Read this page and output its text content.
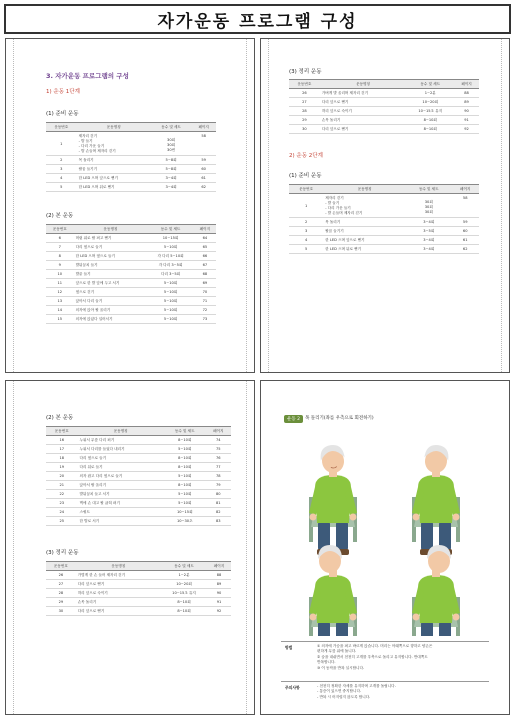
자가운동 프로그램 구성
3. 자가운동 프로그램의 구성
1) 운동 1단계
(1) 준비 운동
운동번호	운동명칭	동수 및 세트	페이지
1	제자리 걷기
- 발 들기
- 다리 가운 들기
- 발 손들며 제자리 걷기	30회
30회
30번	58
2	목 돌리기	5~8회	59
3	팔꿈 들기기	5~8회	60
4	한 LED 으며 앞으로 뻗기	3~4회	61
5	한 LED 으며 뒤로 뻗기	3~4회	62
(2) 본 운동
운동번호	운동명칭	동수 및 세트	페이지
6	머릿 위로 팔 펴고 뻗기	10~15회	64
7	다리 옆으로 들기	5~10회	65
8	한 LED 으며 옆으로 들기	각 다리 5~10회	66
9	발뒤꿈치 들기	각 다리 3~5회	67
10	발끝 들기	다리 3~5회	68
11	앞으로 한 발 앞에 두고 서기	5~10회	69
12	옆으로 걷기	5~10회	70
13	앉아서 다리 들기	5~10회	71
14	의자에 앉아 팔 올리기	5~10회	72
15	의자에 앉았다 일어서기	5~10회	73
(3) 정리 운동
운동번호	운동명칭	동수 및 세트	페이지
26	가벼게 발 올리며 제자리 걷기	1~2분	88
27	다리 앞으로 뻗기	10~20회	89
28	허리 앞으로 숙이기	10~15초 유지	90
29	손목 돌리기	8~10회	91
30	다리 앞으로 뻗기	8~10회	92
2) 운동 2단계
(1) 준비 운동
운동번호	운동명칭	동수 및 세트	페이지
1	제자리 걷기
- 발 들기
- 다리 가운 들기
- 발 손들며 제자리 걷기	30회
30회
30회	58
2	목 돌리기	3~4회	59
3	팔꿈 들기기	3~5회	60
4	한 LED 으며 앞으로 뻗기	3~4회	61
5	한 LED 으며 뒤로 뻗기	3~4회	62
(2) 본 운동
운동번호	운동명칭	동수 및 세트	페이지
16	누워서 무릎 다리 펴기	8~10회	74
17	누워서 다리를 들었다 내리기	5~10회	75
18	다리 옆으로 들기	8~10회	76
19	다리 뒤로 들기	8~10회	77
20	의자 잡고 다리 옆으로 들기	5~10회	78
21	앉아서 팔 올리기	8~10회	79
22	발뒤꿈치 들고 서기	5~10회	80
23	벽에 손 대고 팔 굽혀 펴기	5~10회	81
24	스쿼트	10~15회	82
25	한 발로 서기	10~30초	83
(3) 정리 운동
운동번호	운동명칭	동수 및 세트	페이지
26	가볍게 한 손 들어 제자리 걷기	1~2분	88
27	다리 앞으로 뻗기	10~20회	89
28	허리 앞으로 숙이기	10~15초 유지	90
29	손목 돌리기	8~10회	91
30	다리 앞으로 뻗기	8~10회	92
운동 2	목 돌리기(좌를 우측으로 회전하기)
방법	① 의자에 가슴을 펴고 바르게 앉습니다. 머리는 아래쪽으로 향하고 양손은
편하게 무릎 위에 둡니다.
② 숨을 내쉬면서 천천히 고개를 우측으로 돌리고 유지합니다. 반대쪽도
반복합니다.
③ 이 동작을 반복 실시합니다.
주의사항	- 천천히 정확한 자세를 유지하며 고개를 돌립니다.
- 통증이 있으면 중지합니다.
- 반복 시 어지럽지 않도록 합니다.
